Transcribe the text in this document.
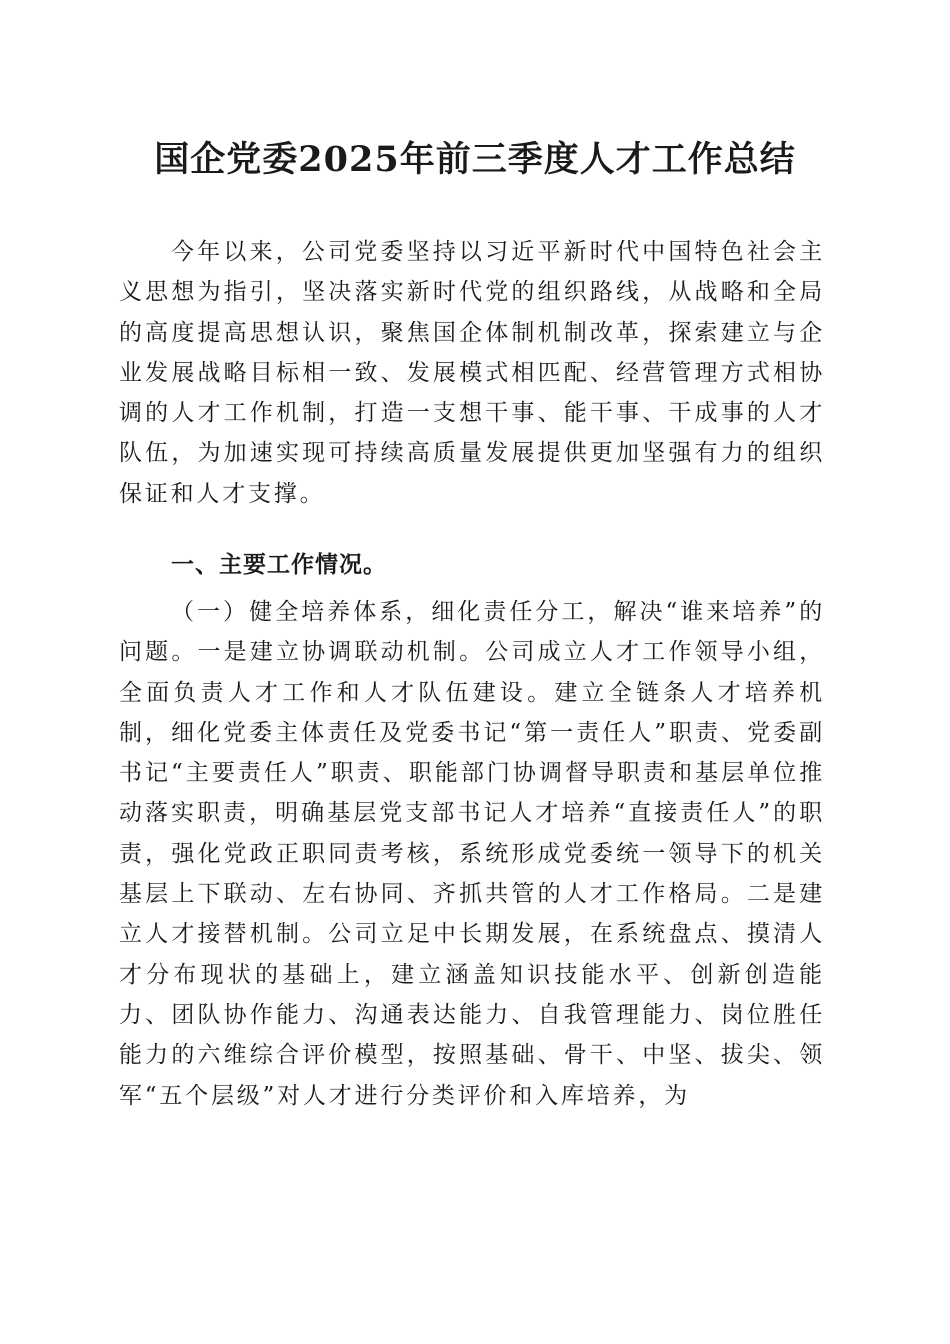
国企党委2025年前三季度人才工作总结

今年以来，公司党委坚持以习近平新时代中国特色社会主义思想为指引，坚决落实新时代党的组织路线，从战略和全局的高度提高思想认识，聚焦国企体制机制改革，探索建立与企业发展战略目标相一致、发展模式相匹配、经营管理方式相协调的人才工作机制，打造一支想干事、能干事、干成事的人才队伍，为加速实现可持续高质量发展提供更加坚强有力的组织保证和人才支撑。

一、主要工作情况。

（一）健全培养体系，细化责任分工，解决“谁来培养”的问题。一是建立协调联动机制。公司成立人才工作领导小组，全面负责人才工作和人才队伍建设。建立全链条人才培养机制，细化党委主体责任及党委书记“第一责任人”职责、党委副书记“主要责任人”职责、职能部门协调督导职责和基层单位推动落实职责，明确基层党支部书记人才培养“直接责任人”的职责，强化党政正职同责考核，系统形成党委统一领导下的机关基层上下联动、左右协同、齐抓共管的人才工作格局。二是建立人才接替机制。公司立足中长期发展，在系统盘点、摸清人才分布现状的基础上，建立涵盖知识技能水平、创新创造能力、团队协作能力、沟通表达能力、自我管理能力、岗位胜任能力的六维综合评价模型，按照基础、骨干、中坚、拔尖、领军“五个层级”对人才进行分类评价和入库培养，为
